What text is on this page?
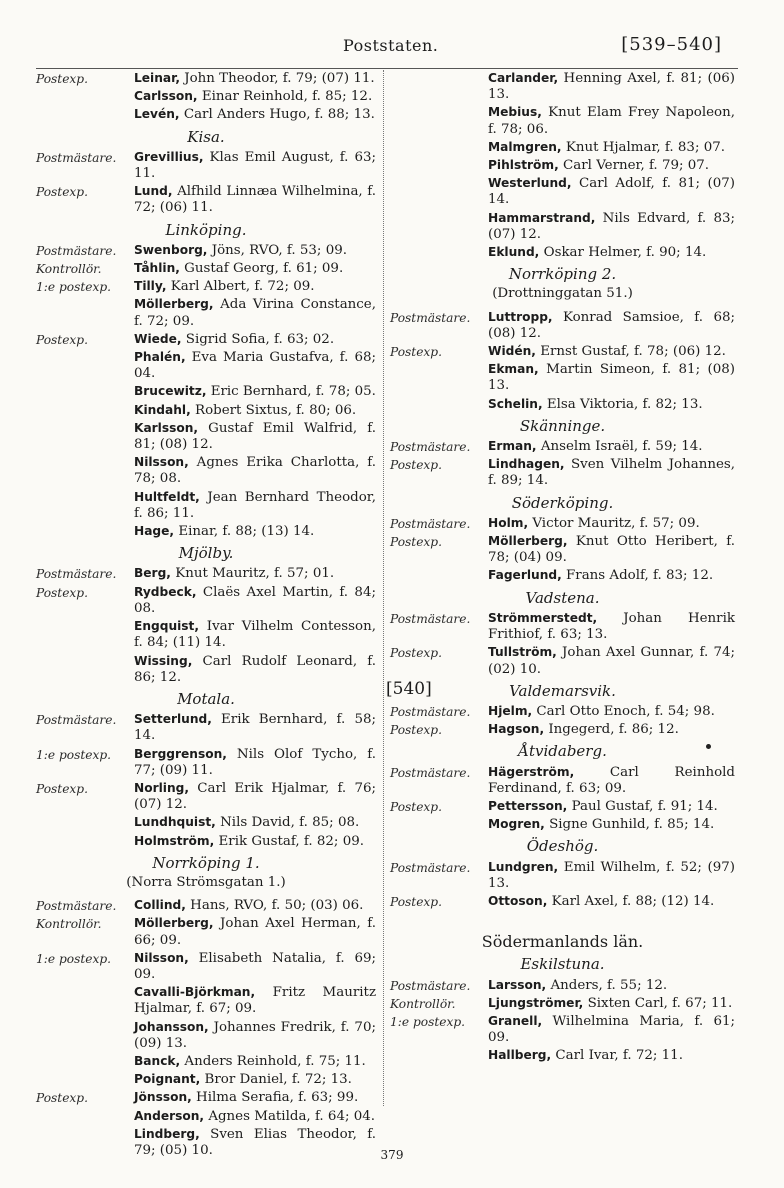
Poststaten.	[539–540]
Postexp.	Leinar, John Theodor, f. 79; (07) 11.
Carlsson, Einar Reinhold, f. 85; 12.
Levén, Carl Anders Hugo, f. 88; 13.
Kisa.
Postmästare.	Grevillius, Klas Emil August, f. 63; 11.
Postexp.	Lund, Alfhild Linnæa Wilhelmina, f. 72; (06) 11.
Linköping.
Postmästare.	Swenborg, Jöns, RVO, f. 53; 09.
Kontrollör.	Tåhlin, Gustaf Georg, f. 61; 09.
1:e postexp.	Tilly, Karl Albert, f. 72; 09.
Möllerberg, Ada Virina Constance, f. 72; 09.
Postexp.	Wiede, Sigrid Sofia, f. 63; 02.
Phalén, Eva Maria Gustafva, f. 68; 04.
Brucewitz, Eric Bernhard, f. 78; 05.
Kindahl, Robert Sixtus, f. 80; 06.
Karlsson, Gustaf Emil Walfrid, f. 81; (08) 12.
Nilsson, Agnes Erika Charlotta, f. 78; 08.
Hultfeldt, Jean Bernhard Theodor, f. 86; 11.
Hage, Einar, f. 88; (13) 14.
Mjölby.
Postmästare.	Berg, Knut Mauritz, f. 57; 01.
Postexp.	Rydbeck, Claës Axel Martin, f. 84; 08.
Engquist, Ivar Vilhelm Contesson, f. 84; (11) 14.
Wissing, Carl Rudolf Leonard, f. 86; 12.
Motala.
Postmästare.	Setterlund, Erik Bernhard, f. 58; 14.
1:e postexp.	Berggrenson, Nils Olof Tycho, f. 77; (09) 11.
Postexp.	Norling, Carl Erik Hjalmar, f. 76; (07) 12.
Lundhquist, Nils David, f. 85; 08.
Holmström, Erik Gustaf, f. 82; 09.
Norrköping 1.
(Norra Strömsgatan 1.)
Postmästare.	Collind, Hans, RVO, f. 50; (03) 06.
Kontrollör.	Möllerberg, Johan Axel Herman, f. 66; 09.
1:e postexp.	Nilsson, Elisabeth Natalia, f. 69; 09.
Cavalli-Björkman, Fritz Mauritz Hjalmar, f. 67; 09.
Johansson, Johannes Fredrik, f. 70; (09) 13.
Banck, Anders Reinhold, f. 75; 11.
Poignant, Bror Daniel, f. 72; 13.
Postexp.	Jönsson, Hilma Serafia, f. 63; 99.
Anderson, Agnes Matilda, f. 64; 04.
Lindberg, Sven Elias Theodor, f. 79; (05) 10.
Carlander, Henning Axel, f. 81; (06) 13.
Mebius, Knut Elam Frey Napoleon, f. 78; 06.
Malmgren, Knut Hjalmar, f. 83; 07.
Pihlström, Carl Verner, f. 79; 07.
Westerlund, Carl Adolf, f. 81; (07) 14.
Hammarstrand, Nils Edvard, f. 83; (07) 12.
Eklund, Oskar Helmer, f. 90; 14.
Norrköping 2.
(Drottninggatan 51.)
Postmästare.	Luttropp, Konrad Samsioe, f. 68; (08) 12.
Postexp.	Widén, Ernst Gustaf, f. 78; (06) 12.
Ekman, Martin Simeon, f. 81; (08) 13.
Schelin, Elsa Viktoria, f. 82; 13.
Skänninge.
Postmästare.	Erman, Anselm Israël, f. 59; 14.
Postexp.	Lindhagen, Sven Vilhelm Johannes, f. 89; 14.
Söderköping.
Postmästare.	Holm, Victor Mauritz, f. 57; 09.
Postexp.	Möllerberg, Knut Otto Heribert, f. 78; (04) 09.
Fagerlund, Frans Adolf, f. 83; 12.
Vadstena.
Postmästare.	Strömmerstedt, Johan Henrik Frithiof, f. 63; 13.
Postexp.	Tullström, Johan Axel Gunnar, f. 74; (02) 10.
[540]	Valdemarsvik.
Postmästare.	Hjelm, Carl Otto Enoch, f. 54; 98.
Postexp.	Hagson, Ingegerd, f. 86; 12.
Åtvidaberg.
Postmästare.	Hägerström,	Carl Reinhold Ferdinand, f. 63; 09.
Postexp.	Pettersson, Paul Gustaf, f. 91; 14.
Mogren, Signe Gunhild, f. 85; 14.
Ödeshög.
Postmästare.	Lundgren, Emil Wilhelm, f. 52; (97) 13.
Postexp.	Ottoson, Karl Axel, f. 88; (12) 14.
Södermanlands län.
Eskilstuna.
Postmästare.	Larsson, Anders, f. 55; 12.
Kontrollör.	Ljungströmer, Sixten Carl, f. 67; 11.
1:e postexp.	Granell, Wilhelmina Maria, f. 61; 09.
Hallberg, Carl Ivar, f. 72; 11.
379
